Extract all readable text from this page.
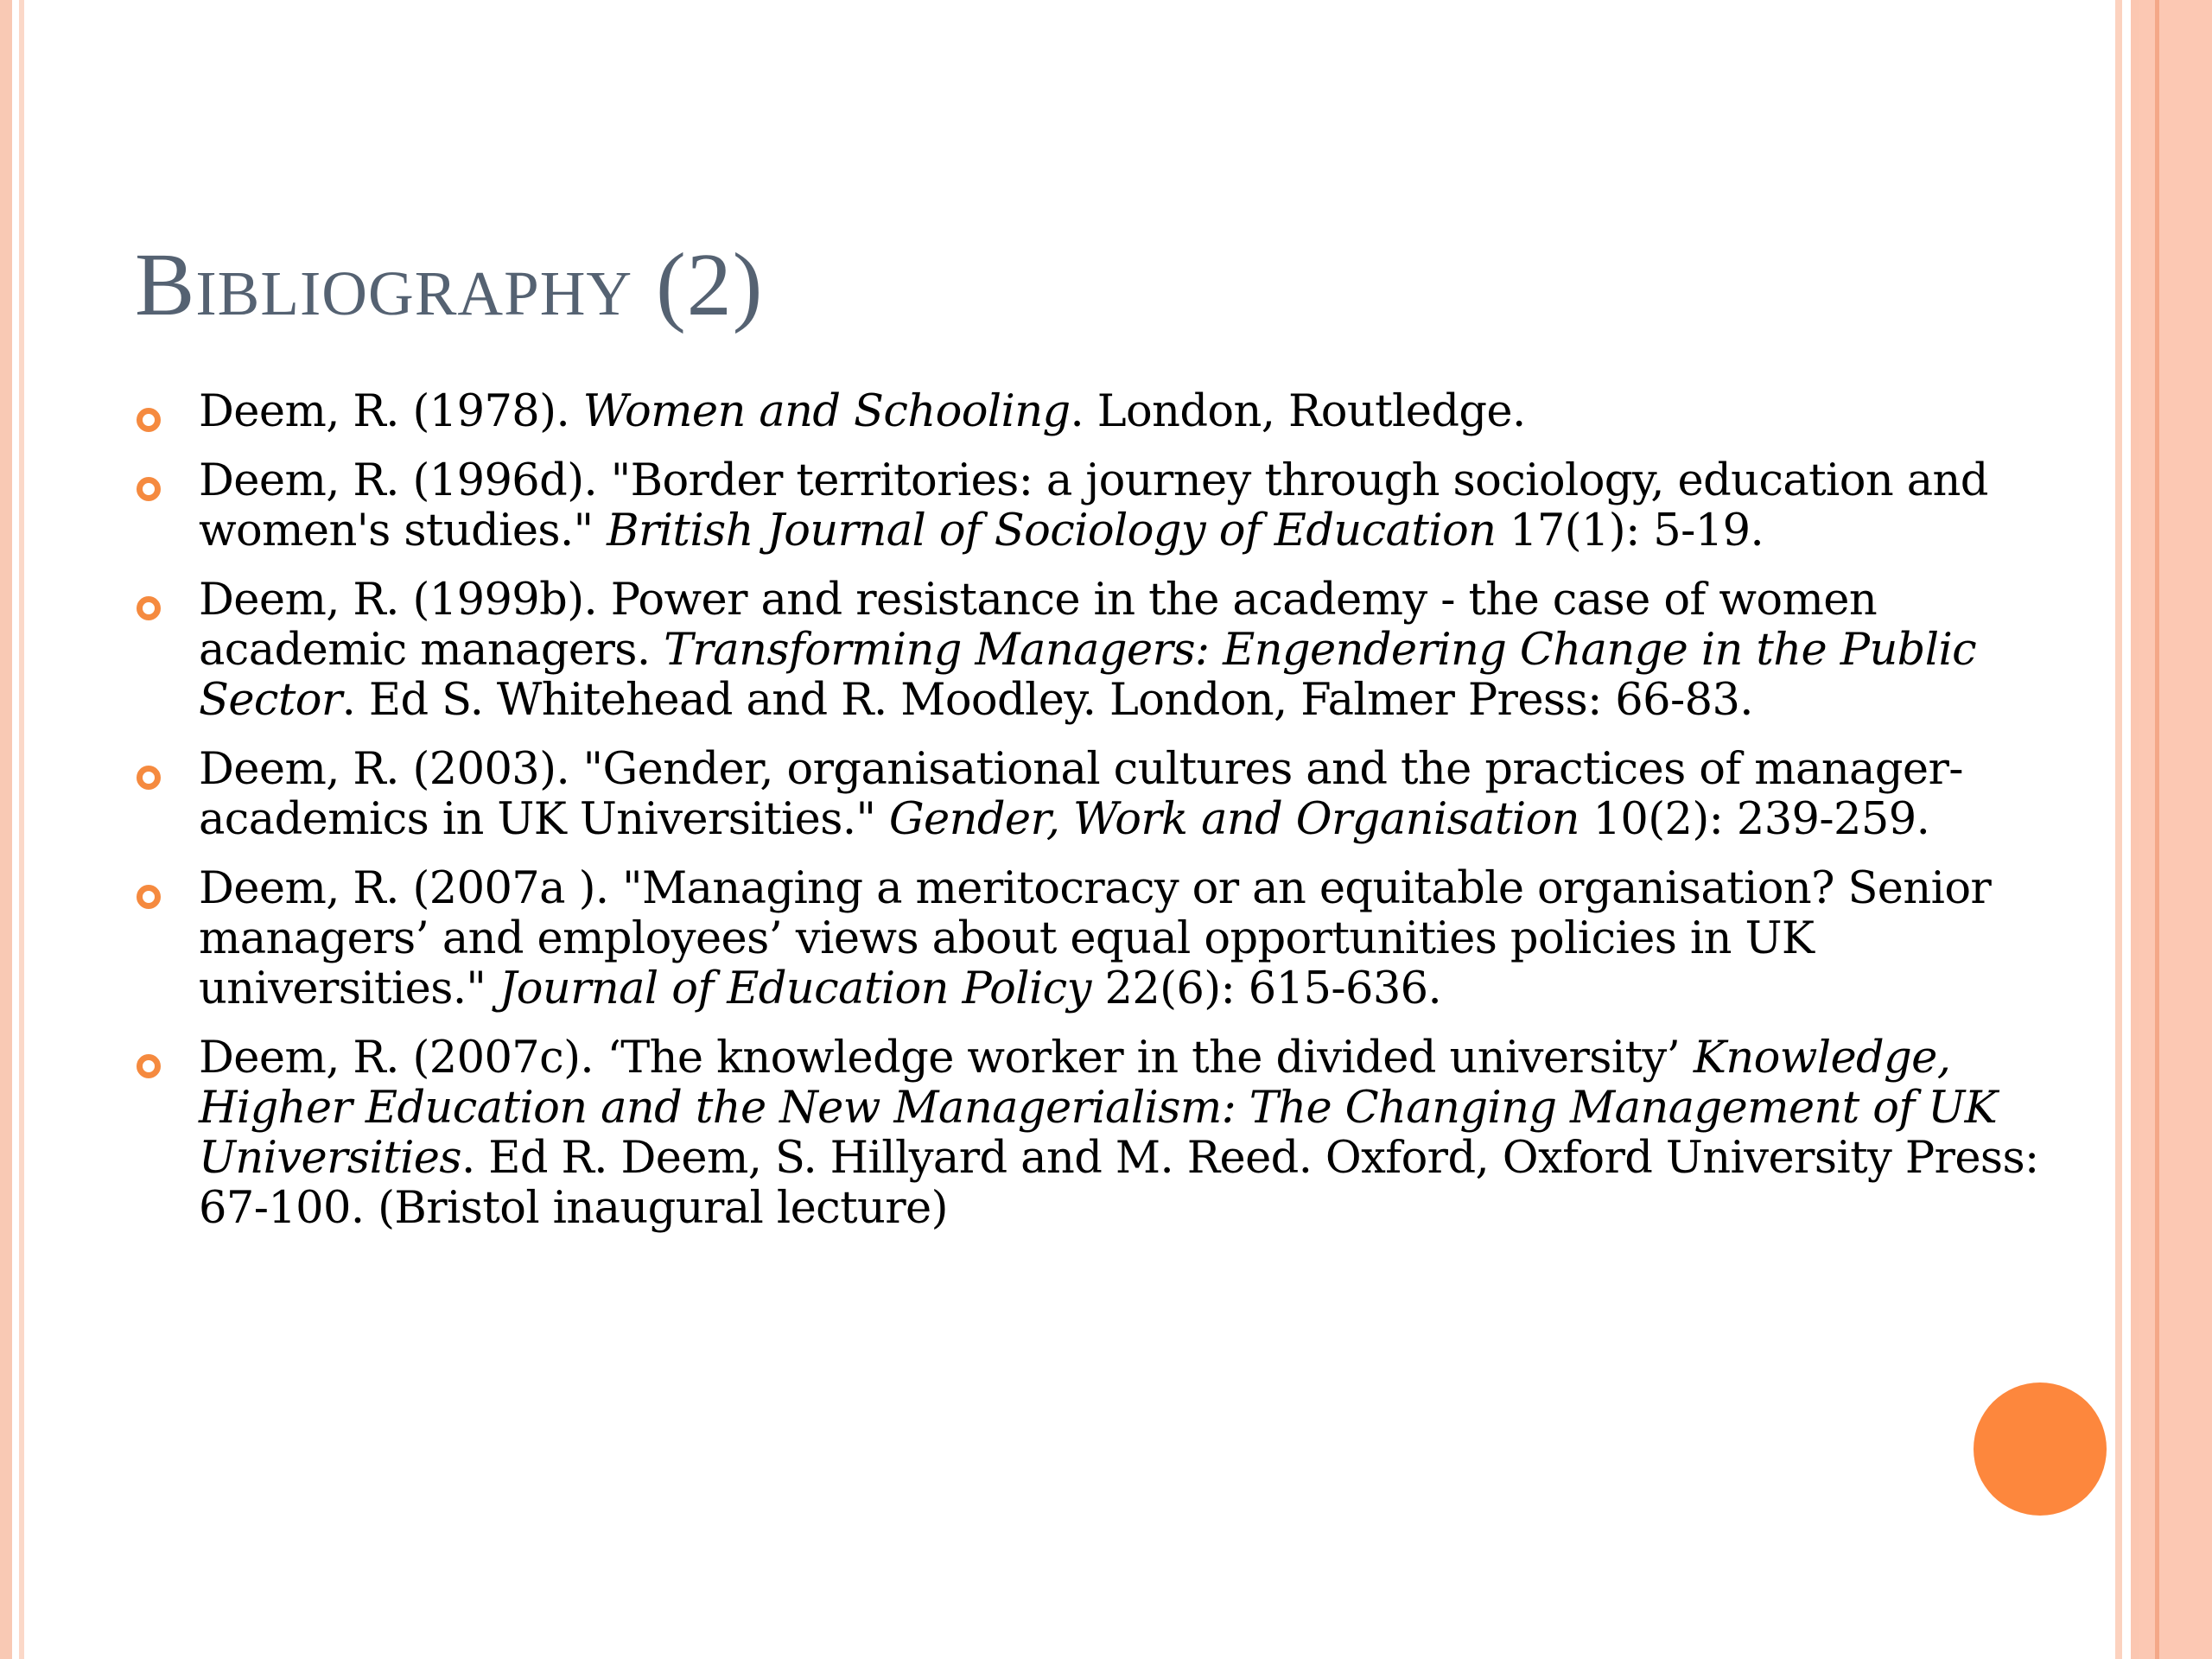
Bibliography (2)
Deem, R. (1978). Women and Schooling. London, Routledge.
Deem, R. (1996d). "Border territories: a journey through sociology, education and women's studies." British Journal of Sociology of Education 17(1): 5-19.
Deem, R. (1999b). Power and resistance in the academy - the case of women academic managers. Transforming Managers: Engendering Change in the Public Sector. Ed S. Whitehead and R. Moodley. London, Falmer Press: 66-83.
Deem, R. (2003). "Gender, organisational cultures and the practices of manager-academics in UK Universities." Gender, Work and Organisation 10(2): 239-259.
Deem, R. (2007a ). "Managing a meritocracy or an equitable organisation? Senior managers’ and employees’ views about equal opportunities policies in UK universities." Journal of Education Policy 22(6): 615-636.
Deem, R. (2007c). ‘The knowledge worker in the divided university’ Knowledge, Higher Education and the New Managerialism: The Changing Management of UK Universities. Ed R. Deem, S. Hillyard and M. Reed. Oxford, Oxford University Press: 67-100. (Bristol inaugural lecture)
